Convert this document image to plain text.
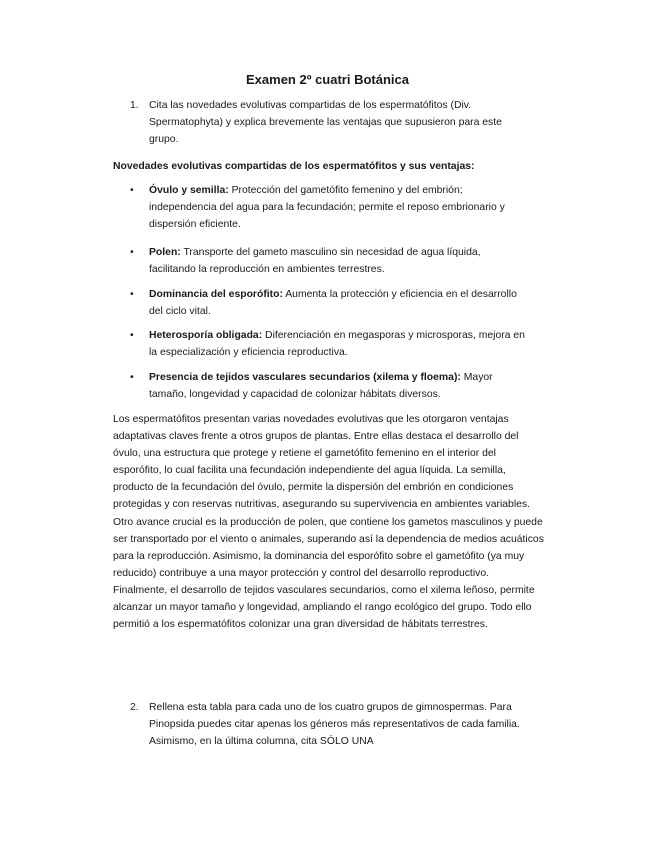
Examen 2º cuatri Botánica
1. Cita las novedades evolutivas compartidas de los espermatófitos (Div. Spermatophyta) y explica brevemente las ventajas que supusieron para este grupo.
Novedades evolutivas compartidas de los espermatófitos y sus ventajas:
• Óvulo y semilla: Protección del gametófito femenino y del embrión; independencia del agua para la fecundación; permite el reposo embrionario y dispersión eficiente.
• Polen: Transporte del gameto masculino sin necesidad de agua líquida, facilitando la reproducción en ambientes terrestres.
• Dominancia del esporófito: Aumenta la protección y eficiencia en el desarrollo del ciclo vital.
• Heterosporía obligada: Diferenciación en megasporas y microsporas, mejora en la especialización y eficiencia reproductiva.
• Presencia de tejidos vasculares secundarios (xilema y floema): Mayor tamaño, longevidad y capacidad de colonizar hábitats diversos.
Los espermatófitos presentan varias novedades evolutivas que les otorgaron ventajas adaptativas claves frente a otros grupos de plantas. Entre ellas destaca el desarrollo del óvulo, una estructura que protege y retiene el gametófito femenino en el interior del esporófito, lo cual facilita una fecundación independiente del agua líquida. La semilla, producto de la fecundación del óvulo, permite la dispersión del embrión en condiciones protegidas y con reservas nutritivas, asegurando su supervivencia en ambientes variables. Otro avance crucial es la producción de polen, que contiene los gametos masculinos y puede ser transportado por el viento o animales, superando así la dependencia de medios acuáticos para la reproducción. Asimismo, la dominancia del esporófito sobre el gametófito (ya muy reducido) contribuye a una mayor protección y control del desarrollo reproductivo. Finalmente, el desarrollo de tejidos vasculares secundarios, como el xilema leñoso, permite alcanzar un mayor tamaño y longevidad, ampliando el rango ecológico del grupo. Todo ello permitió a los espermatófitos colonizar una gran diversidad de hábitats terrestres.
2. Rellena esta tabla para cada uno de los cuatro grupos de gimnospermas. Para Pinopsida puedes citar apenas los géneros más representativos de cada familia. Asimismo, en la última columna, cita SÓLO UNA
